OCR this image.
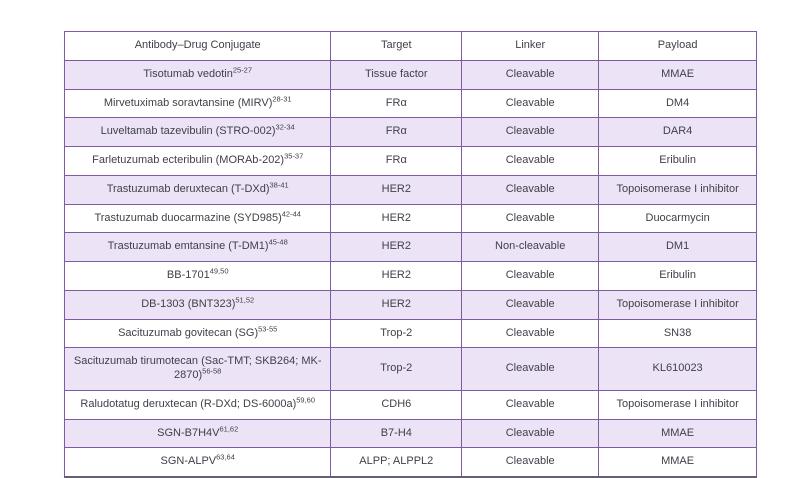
Antibody–Drug Conjugate	Target	Linker	Payload
Tisotumab vedotin$^{25-27}$	Tissue factor	Cleavable	MMAE
Mirvetuximab soravtansine (MIRV)$^{28-31}$	FRα	Cleavable	DM4
Luveltamab tazevibulin (STRO-002)$^{32-34}$	FRα	Cleavable	DAR4
Farletuzumab ecteribulin (MORAb-202)$^{35-37}$	FRα	Cleavable	Eribulin
Trastuzumab deruxtecan (T-DXd)$^{38-41}$	HER2	Cleavable	Topoisomerase I inhibitor
Trastuzumab duocarmazine (SYD985)$^{42-44}$	HER2	Cleavable	Duocarmycin
Trastuzumab emtansine (T-DM1)$^{45-48}$	HER2	Non-cleavable	DM1
BB-1701$^{49,50}$	HER2	Cleavable	Eribulin
DB-1303 (BNT323)$^{51,52}$	HER2	Cleavable	Topoisomerase I inhibitor
Sacituzumab govitecan (SG)$^{53-55}$	Trop-2	Cleavable	SN38
Sacituzumab tirumotecan (Sac-TMT; SKB264; MK-2870)$^{56-58}$	Trop-2	Cleavable	KL610023
Raludotatug deruxtecan (R-DXd; DS-6000a)$^{59,60}$	CDH6	Cleavable	Topoisomerase I inhibitor
SGN-B7H4V$^{61,62}$	B7-H4	Cleavable	MMAE
SGN-ALPV$^{63,64}$	ALPP; ALPPL2	Cleavable	MMAE
